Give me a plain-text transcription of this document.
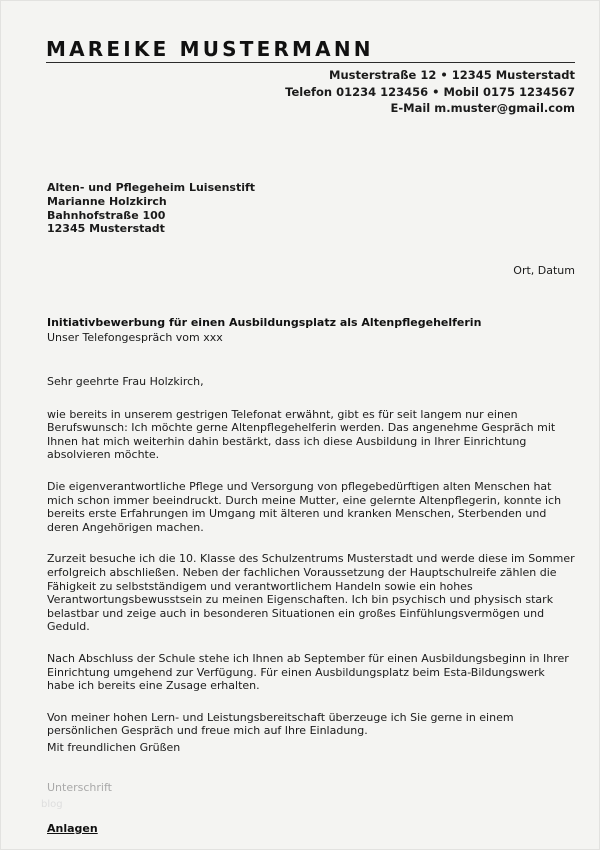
MAREIKE MUSTERMANN
Musterstraße 12 • 12345 Musterstadt
Telefon 01234 123456 • Mobil 0175 1234567
E-Mail m.muster@gmail.com
Alten- und Pflegeheim Luisenstift
Marianne Holzkirch
Bahnhofstraße 100
12345 Musterstadt
Ort, Datum
Initiativbewerbung für einen Ausbildungsplatz als Altenpflegehelferin
Unser Telefongespräch vom xxx

Sehr geehrte Frau Holzkirch,

wie bereits in unserem gestrigen Telefonat erwähnt, gibt es für seit langem nur einen Berufswunsch: Ich möchte gerne Altenpflegehelferin werden. Das angenehme Gespräch mit Ihnen hat mich weiterhin dahin bestärkt, dass ich diese Ausbildung in Ihrer Einrichtung absolvieren möchte.

Die eigenverantwortliche Pflege und Versorgung von pflegebedürftigen alten Menschen hat mich schon immer beeindruckt. Durch meine Mutter, eine gelernte Altenpflegerin, konnte ich bereits erste Erfahrungen im Umgang mit älteren und kranken Menschen, Sterbenden und deren Angehörigen machen.

Zurzeit besuche ich die 10. Klasse des Schulzentrums Musterstadt und werde diese im Sommer erfolgreich abschließen. Neben der fachlichen Voraussetzung der Hauptschulreife zählen die Fähigkeit zu selbstständigem und verantwortlichem Handeln sowie ein hohes Verantwortungsbewusstsein zu meinen Eigenschaften. Ich bin psychisch und physisch stark belastbar und zeige auch in besonderen Situationen ein großes Einfühlungsvermögen und Geduld.

Nach Abschluss der Schule stehe ich Ihnen ab September für einen Ausbildungsbeginn in Ihrer Einrichtung umgehend zur Verfügung. Für einen Ausbildungsplatz beim Esta-Bildungswerk habe ich bereits eine Zusage erhalten.

Von meiner hohen Lern- und Leistungsbereitschaft überzeuge ich Sie gerne in einem persönlichen Gespräch und freue mich auf Ihre Einladung.

Mit freundlichen Grüßen
Unterschrift
blog
Anlagen
